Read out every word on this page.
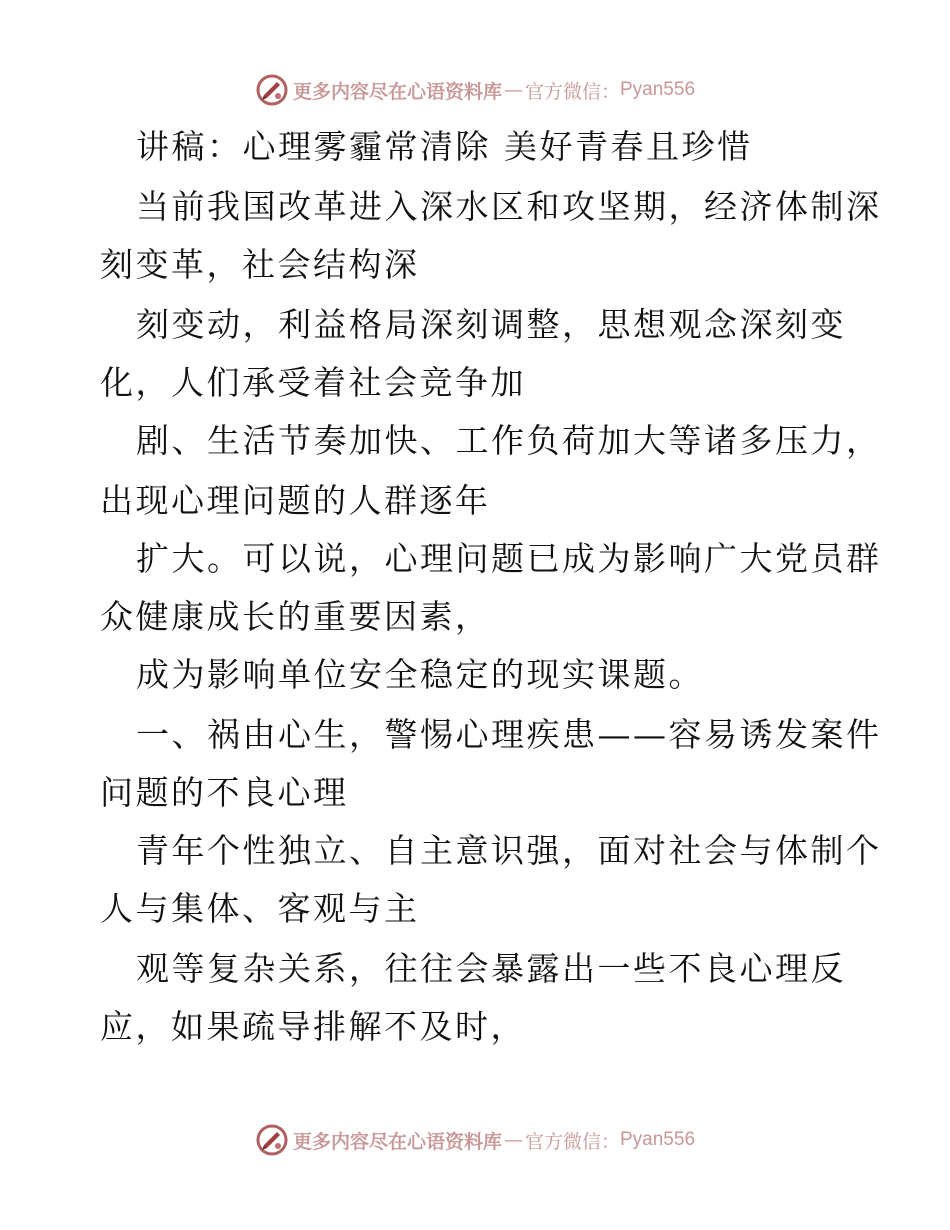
更多内容尽在心语资料库 — 官方微信： Pyan556
讲稿：心理雾霾常清除 美好青春且珍惜
当前我国改革进入深水区和攻坚期，经济体制深
刻变革，社会结构深
刻变动，利益格局深刻调整，思想观念深刻变
化，人们承受着社会竞争加
剧、生活节奏加快、工作负荷加大等诸多压力，
出现心理问题的人群逐年
扩大。可以说，心理问题已成为影响广大党员群
众健康成长的重要因素，
成为影响单位安全稳定的现实课题。
一、祸由心生，警惕心理疾患——容易诱发案件
问题的不良心理
青年个性独立、自主意识强，面对社会与体制个
人与集体、客观与主
观等复杂关系，往往会暴露出一些不良心理反
应，如果疏导排解不及时，
更多内容尽在心语资料库 — 官方微信： Pyan556
